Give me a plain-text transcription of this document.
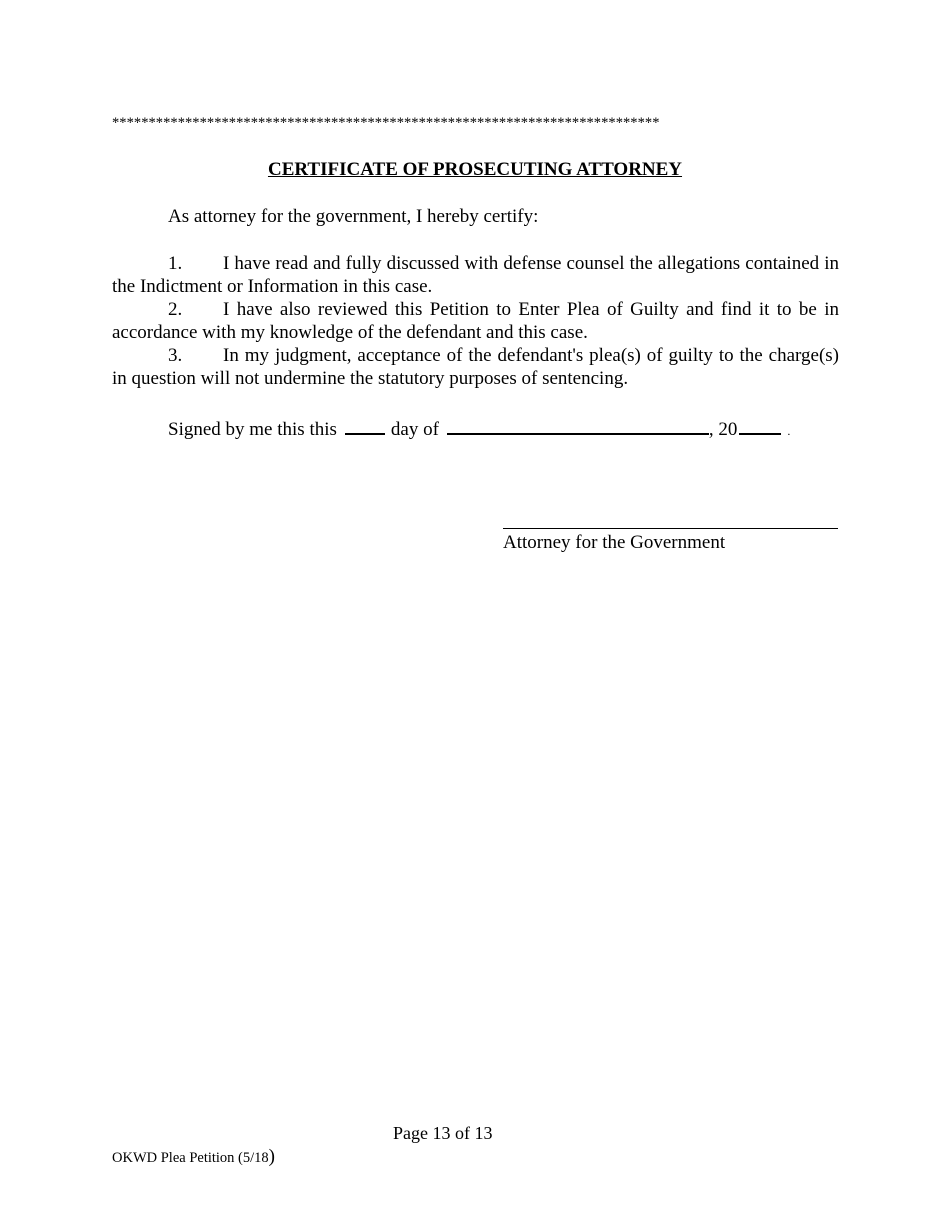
***************************************************************************
CERTIFICATE OF PROSECUTING ATTORNEY
As attorney for the government, I hereby certify:

1. I have read and fully discussed with defense counsel the allegations contained in the Indictment or Information in this case.

2. I have also reviewed this Petition to Enter Plea of Guilty and find it to be in accordance with my knowledge of the defendant and this case.

3. In my judgment, acceptance of the defendant's plea(s) of guilty to the charge(s) in question will not undermine the statutory purposes of sentencing.

Signed by me this this	day of	, 20	.
Attorney for the Government
Page 13 of 13
OKWD Plea Petition (5/18)
